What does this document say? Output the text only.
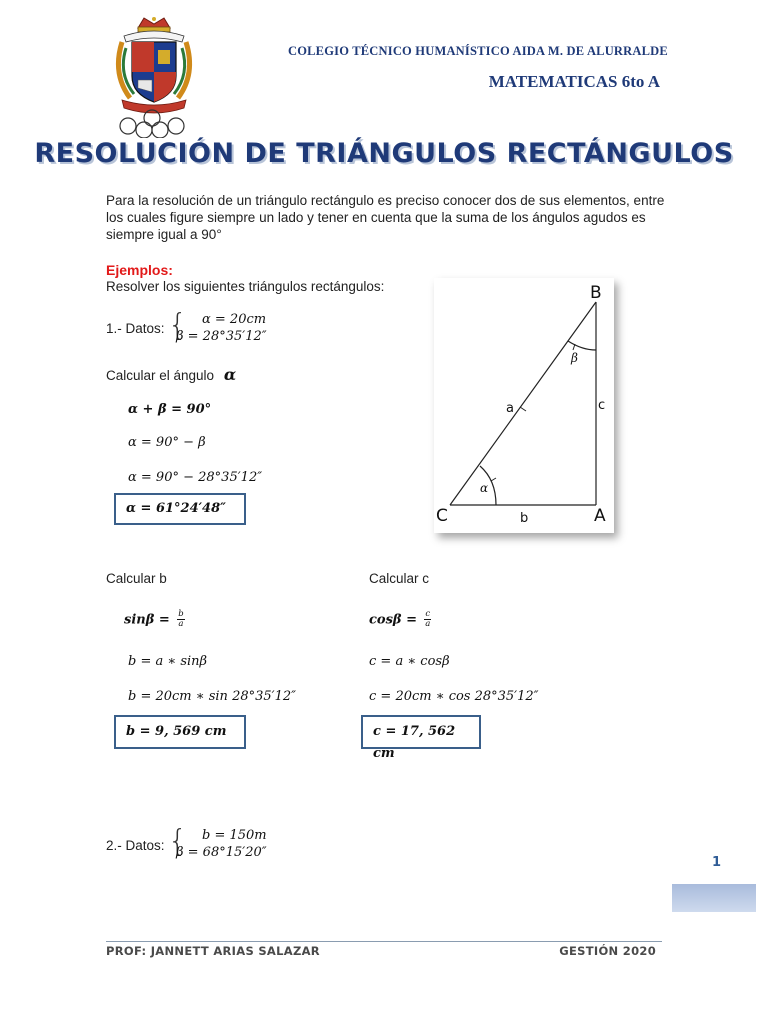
COLEGIO TÉCNICO HUMANÍSTICO AIDA M. DE ALURRALDE
MATEMATICAS 6to A
RESOLUCIÓN DE TRIÁNGULOS RECTÁNGULOS
Para la resolución de un triángulo rectángulo es preciso conocer dos de sus elementos, entre los cuales figure siempre un lado y tener en cuenta que la suma de los ángulos agudos es siempre igual a 90°
Ejemplos:
Resolver los siguientes triángulos rectángulos:
1.- Datos: { α = 20cm
β = 28°35′12″
Calcular el ángulo α
α + β = 90°
α = 90° − β
α = 90° − 28°35′12″
α = 61°24′48″
B
C	A
a
b
c
α
β
Calcular b
$\sin\beta = \frac{b}{a}$
b = a ∗ sinβ
b = 20cm ∗ sin 28°35′12″
b = 9, 569 cm
Calcular c
$\cos\beta = \frac{c}{a}$
c = a ∗ cosβ
c = 20cm ∗ cos 28°35′12″
c = 17, 562 cm
2.- Datos: { b = 150m
β = 68°15′20″
1
PROF: JANNETT ARIAS SALAZAR	GESTIÓN 2020
